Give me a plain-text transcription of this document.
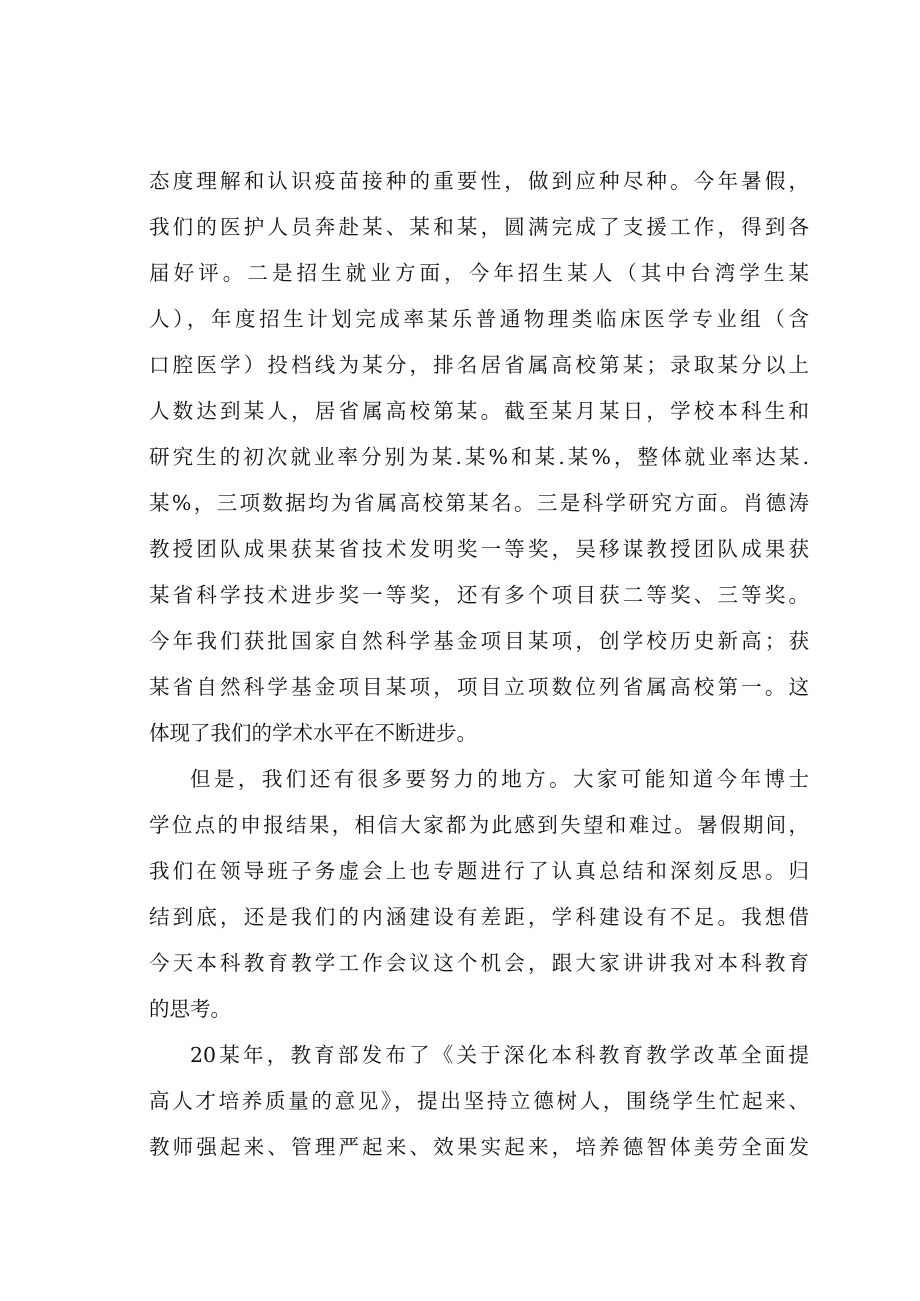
态度理解和认识疫苗接种的重要性，做到应种尽种。今年暑假，
我们的医护人员奔赴某、某和某，圆满完成了支援工作，得到各
届好评。二是招生就业方面，今年招生某人（其中台湾学生某
人），年度招生计划完成率某乐普通物理类临床医学专业组（含
口腔医学）投档线为某分，排名居省属高校第某；录取某分以上
人数达到某人，居省属高校第某。截至某月某日，学校本科生和
研究生的初次就业率分别为某.某%和某.某%，整体就业率达某.
某%，三项数据均为省属高校第某名。三是科学研究方面。肖德涛
教授团队成果获某省技术发明奖一等奖，吴移谋教授团队成果获
某省科学技术进步奖一等奖，还有多个项目获二等奖、三等奖。
今年我们获批国家自然科学基金项目某项，创学校历史新高；获
某省自然科学基金项目某项，项目立项数位列省属高校第一。这
体现了我们的学术水平在不断进步。
但是，我们还有很多要努力的地方。大家可能知道今年博士
学位点的申报结果，相信大家都为此感到失望和难过。暑假期间，
我们在领导班子务虚会上也专题进行了认真总结和深刻反思。归
结到底，还是我们的内涵建设有差距，学科建设有不足。我想借
今天本科教育教学工作会议这个机会，跟大家讲讲我对本科教育
的思考。
20某年，教育部发布了《关于深化本科教育教学改革全面提
高人才培养质量的意见》，提出坚持立德树人，围绕学生忙起来、
教师强起来、管理严起来、效果实起来，培养德智体美劳全面发
